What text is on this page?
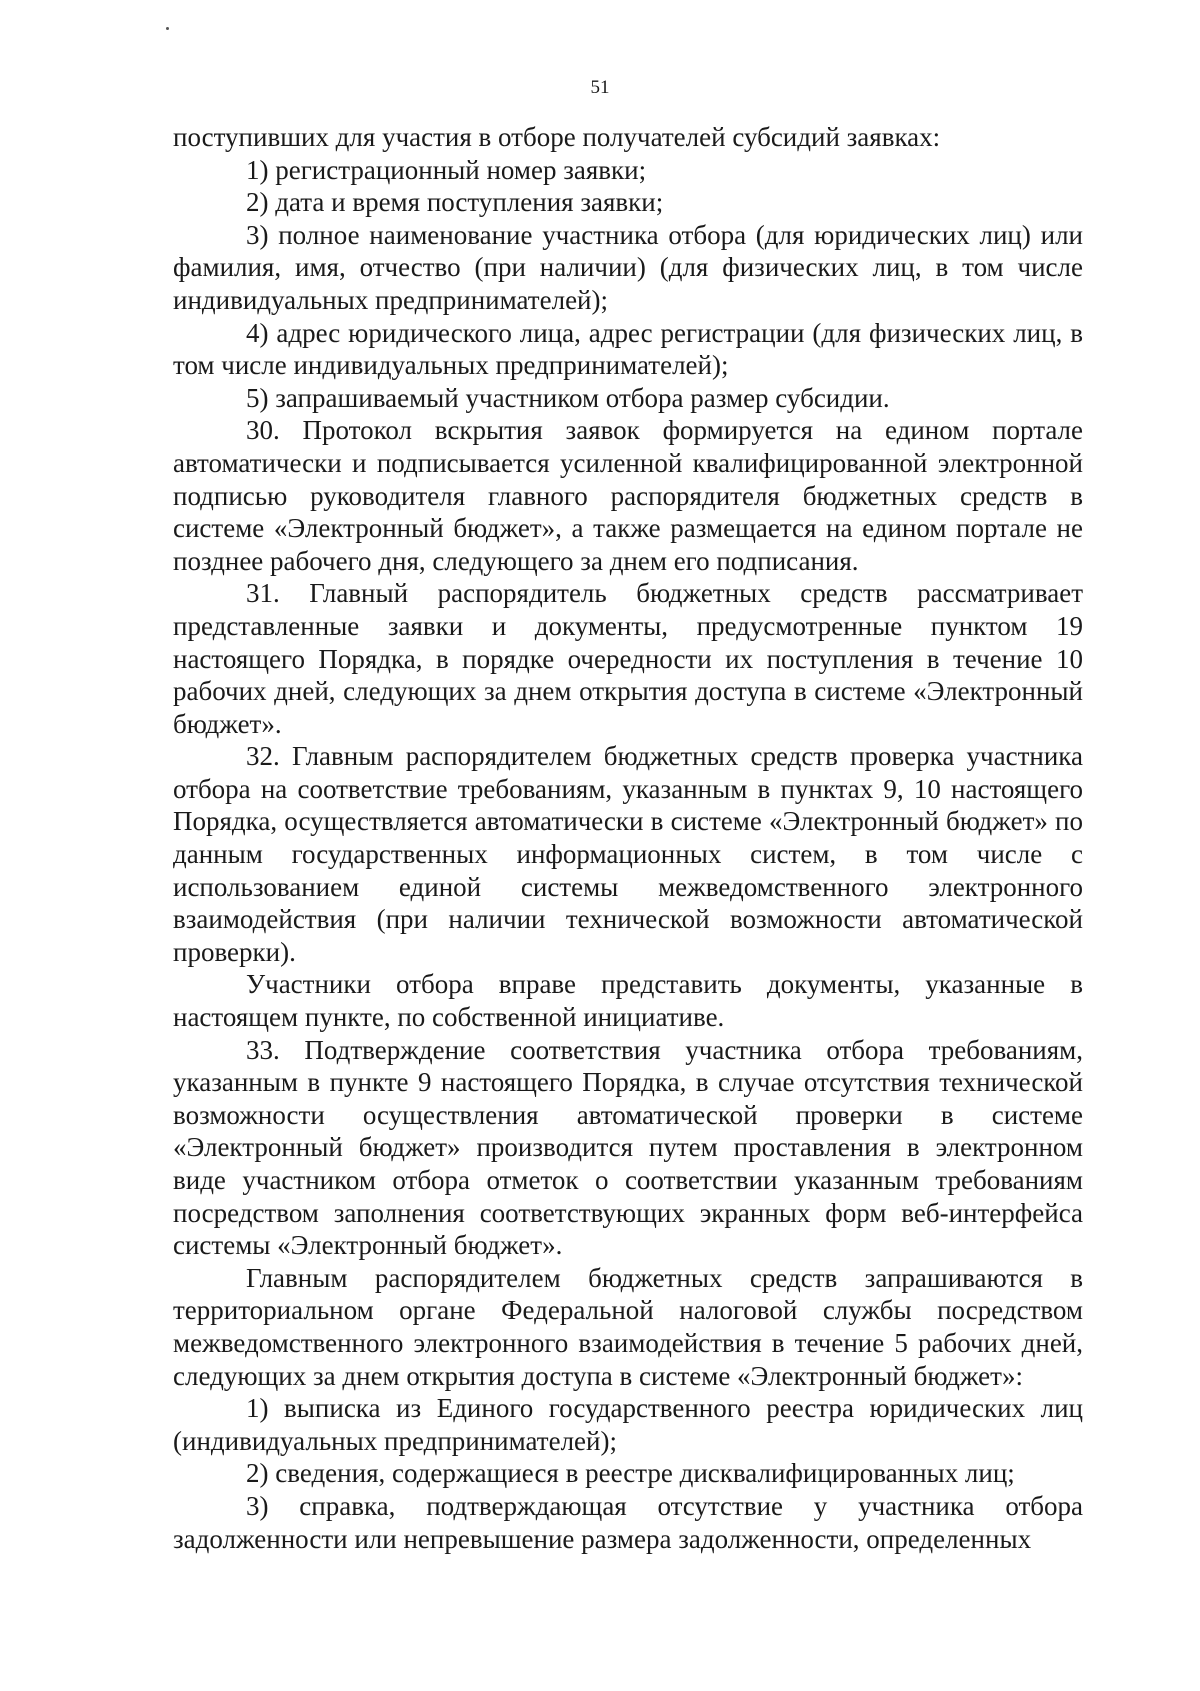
51

поступивших для участия в отборе получателей субсидий заявках:

1) регистрационный номер заявки;

2) дата и время поступления заявки;

3) полное наименование участника отбора (для юридических лиц) или фамилия, имя, отчество (при наличии) (для физических лиц, в том числе индивидуальных предпринимателей);

4) адрес юридического лица, адрес регистрации (для физических лиц, в том числе индивидуальных предпринимателей);

5) запрашиваемый участником отбора размер субсидии.

30. Протокол вскрытия заявок формируется на едином портале автоматически и подписывается усиленной квалифицированной электронной подписью руководителя главного распорядителя бюджетных средств в системе «Электронный бюджет», а также размещается на едином портале не позднее рабочего дня, следующего за днем его подписания.

31. Главный распорядитель бюджетных средств рассматривает представленные заявки и документы, предусмотренные пунктом 19 настоящего Порядка, в порядке очередности их поступления в течение 10 рабочих дней, следующих за днем открытия доступа в системе «Электронный бюджет».

32. Главным распорядителем бюджетных средств проверка участника отбора на соответствие требованиям, указанным в пунктах 9, 10 настоящего Порядка, осуществляется автоматически в системе «Электронный бюджет» по данным государственных информационных систем, в том числе с использованием единой системы межведомственного электронного взаимодействия (при наличии технической возможности автоматической проверки).

Участники отбора вправе представить документы, указанные в настоящем пункте, по собственной инициативе.

33. Подтверждение соответствия участника отбора требованиям, указанным в пункте 9 настоящего Порядка, в случае отсутствия технической возможности осуществления автоматической проверки в системе «Электронный бюджет» производится путем проставления в электронном виде участником отбора отметок о соответствии указанным требованиям посредством заполнения соответствующих экранных форм веб-интерфейса системы «Электронный бюджет».

Главным распорядителем бюджетных средств запрашиваются в территориальном органе Федеральной налоговой службы посредством межведомственного электронного взаимодействия в течение 5 рабочих дней, следующих за днем открытия доступа в системе «Электронный бюджет»:

1) выписка из Единого государственного реестра юридических лиц (индивидуальных предпринимателей);

2) сведения, содержащиеся в реестре дисквалифицированных лиц;

3) справка, подтверждающая отсутствие у участника отбора задолженности или непревышение размера задолженности, определенных
